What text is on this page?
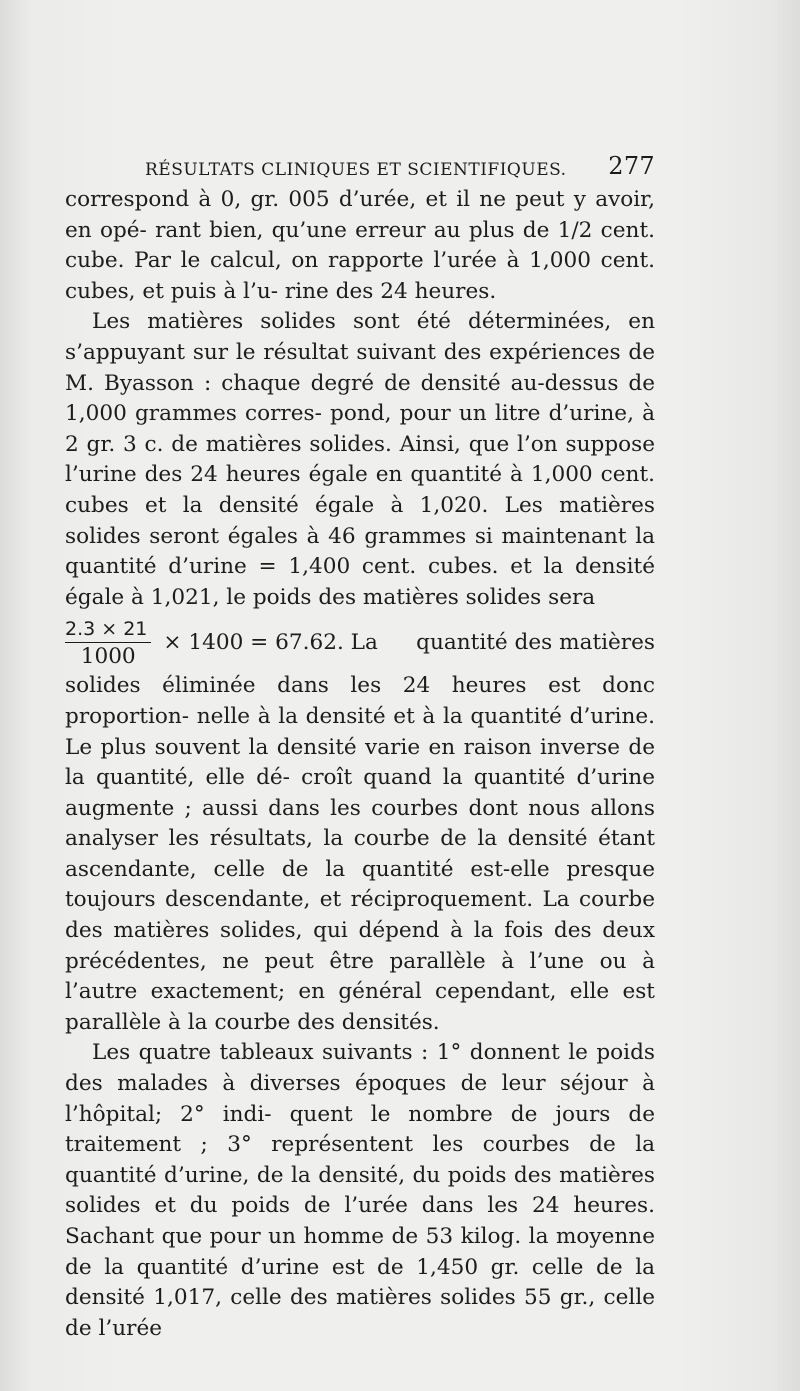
RÉSULTATS CLINIQUES ET SCIENTIFIQUES. 277

correspond à 0, gr. 005 d’urée, et il ne peut y avoir, en opé‐ rant bien, qu’une erreur au plus de 1/2 cent. cube. Par le calcul, on rapporte l’urée à 1,000 cent. cubes, et puis à l’u- rine des 24 heures.

Les matières solides sont été déterminées, en s’appuyant sur le résultat suivant des expériences de M. Byasson : chaque degré de densité au-dessus de 1,000 grammes corres- pond, pour un litre d’urine, à 2 gr. 3 c. de matières solides. Ainsi, que l’on suppose l’urine des 24 heures égale en quantité à 1,000 cent. cubes et la densité égale à 1,020. Les matières solides seront égales à 46 grammes si maintenant la quantité d’urine = 1,400 cent. cubes. et la densité égale à 1,021, le poids des matières solides sera

$\frac{2.3 \times 21}{1000} \times 1400 = 67.62$. La quantité des matières

solides éliminée dans les 24 heures est donc proportion- nelle à la densité et à la quantité d’urine. Le plus souvent la densité varie en raison inverse de la quantité, elle dé- croît quand la quantité d’urine augmente ; aussi dans les courbes dont nous allons analyser les résultats, la courbe de la densité étant ascendante, celle de la quantité est-elle presque toujours descendante, et réciproquement. La courbe des matières solides, qui dépend à la fois des deux précédentes, ne peut être parallèle à l’une ou à l’autre exactement; en général cependant, elle est parallèle à la courbe des densités.

Les quatre tableaux suivants : 1° donnent le poids des malades à diverses époques de leur séjour à l’hôpital; 2° indi- quent le nombre de jours de traitement ; 3° représentent les courbes de la quantité d’urine, de la densité, du poids des matières solides et du poids de l’urée dans les 24 heures. Sachant que pour un homme de 53 kilog. la moyenne de la quantité d’urine est de 1,450 gr. celle de la densité 1,017, celle des matières solides 55 gr., celle de l’urée
